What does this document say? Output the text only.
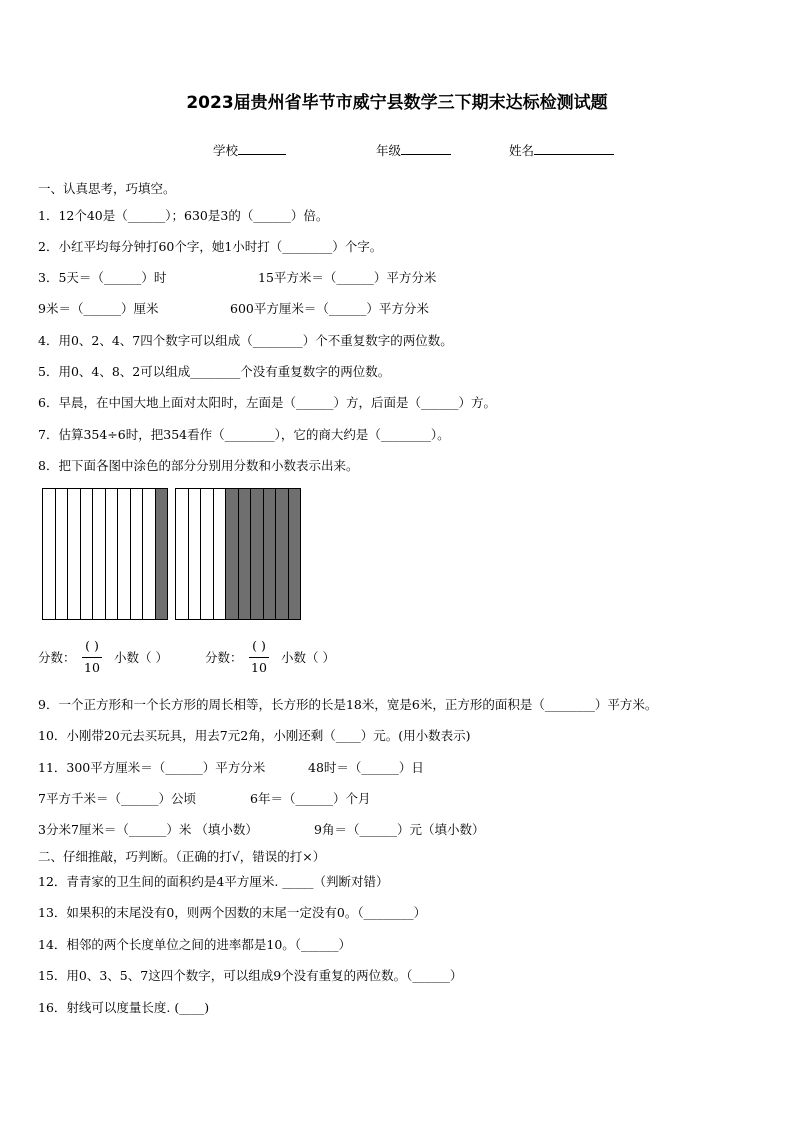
2023届贵州省毕节市威宁县数学三下期末达标检测试题
学校	年级	姓名
一、认真思考，巧填空。
1．12个40是（______）；630是3的（______）倍。
2．小红平均每分钟打60个字，她1小时打（________）个字。
3．5天＝（______）时	15平方米＝（______）平方分米
9米＝（______）厘米	600平方厘米＝（______）平方分米
4．用0、2、4、7四个数字可以组成（________）个不重复数字的两位数。
5．用0、4、8、2可以组成________个没有重复数字的两位数。
6．早晨，在中国大地上面对太阳时，左面是（______）方，后面是（______）方。
7．估算354÷6时，把354看作（________），它的商大约是（________）。
8．把下面各图中涂色的部分分别用分数和小数表示出来。
分数：
( )
10
小数（ ）	分数：
( )
10
小数（ ）
9．一个正方形和一个长方形的周长相等，长方形的长是18米，宽是6米，正方形的面积是（________）平方米。
10．小刚带20元去买玩具，用去7元2角，小刚还剩（____）元。(用小数表示)
11．300平方厘米＝（______）平方分米	48时＝（______）日
7平方千米＝（______）公顷	6年＝（______）个月
3分米7厘米＝（______）米 （填小数）	9角＝（______）元（填小数）
二、仔细推敲，巧判断。（正确的打√，错误的打×）
12．青青家的卫生间的面积约是4平方厘米. _____（判断对错）
13．如果积的末尾没有0，则两个因数的末尾一定没有0。（________）
14．相邻的两个长度单位之间的进率都是10。（______）
15．用0、3、5、7这四个数字，可以组成9个没有重复的两位数。（______）
16．射线可以度量长度. (____)
